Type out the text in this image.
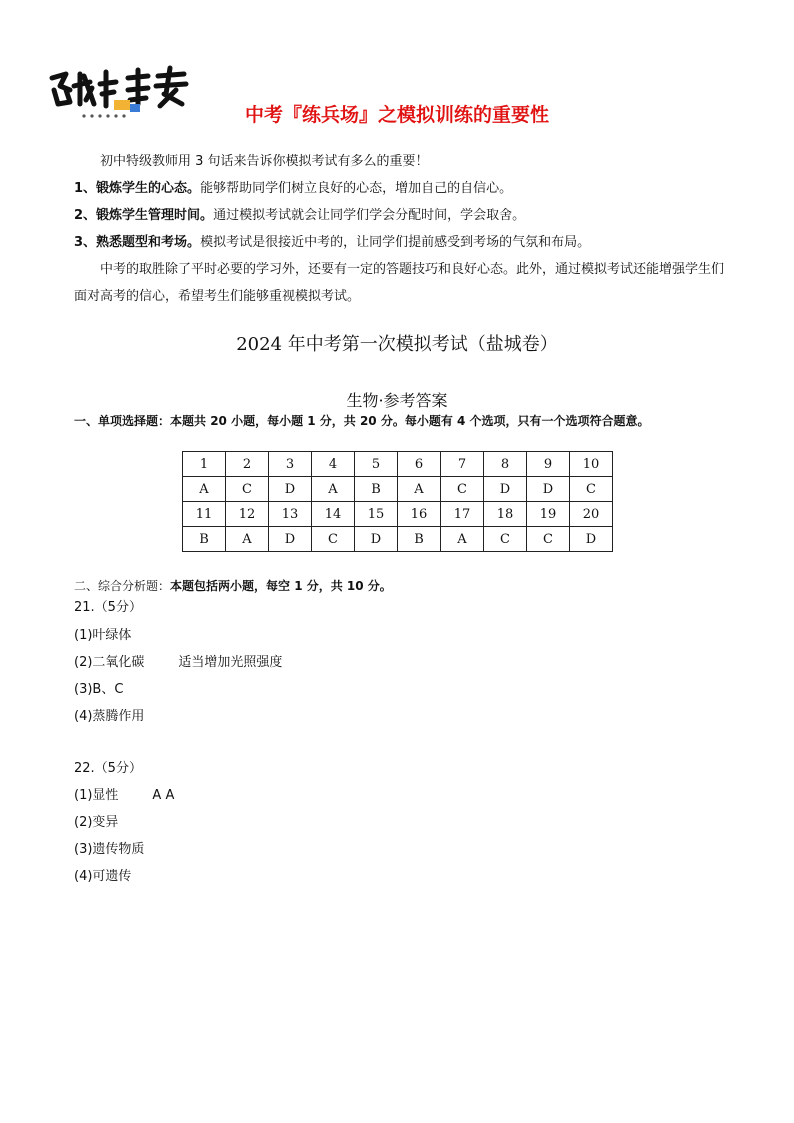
中考『练兵场』之模拟训练的重要性

初中特级教师用 3 句话来告诉你模拟考试有多么的重要！

1、锻炼学生的心态。能够帮助同学们树立良好的心态，增加自己的自信心。

2、锻炼学生管理时间。通过模拟考试就会让同学们学会分配时间，学会取舍。

3、熟悉题型和考场。模拟考试是很接近中考的，让同学们提前感受到考场的气氛和布局。

中考的取胜除了平时必要的学习外，还要有一定的答题技巧和良好心态。此外，通过模拟考试还能增强学生们面对高考的信心，希望考生们能够重视模拟考试。

2024 年中考第一次模拟考试（盐城卷）
生物·参考答案
一、单项选择题：本题共 20 小题，每小题 1 分，共 20 分。每小题有 4 个选项，只有一个选项符合题意。
1	2	3	4	5	6	7	8	9	10
A	C	D	A	B	A	C	D	D	C
11	12	13	14	15	16	17	18	19	20
B	A	D	C	D	B	A	C	C	D
二、综合分析题：本题包括两小题，每空 1 分，共 10 分。
21.（5分）
(1)叶绿体
(2)二氧化碳	适当增加光照强度
(3)B、C
(4)蒸腾作用
22.（5分）
(1)显性	A A
(2)变异
(3)遗传物质
(4)可遗传
